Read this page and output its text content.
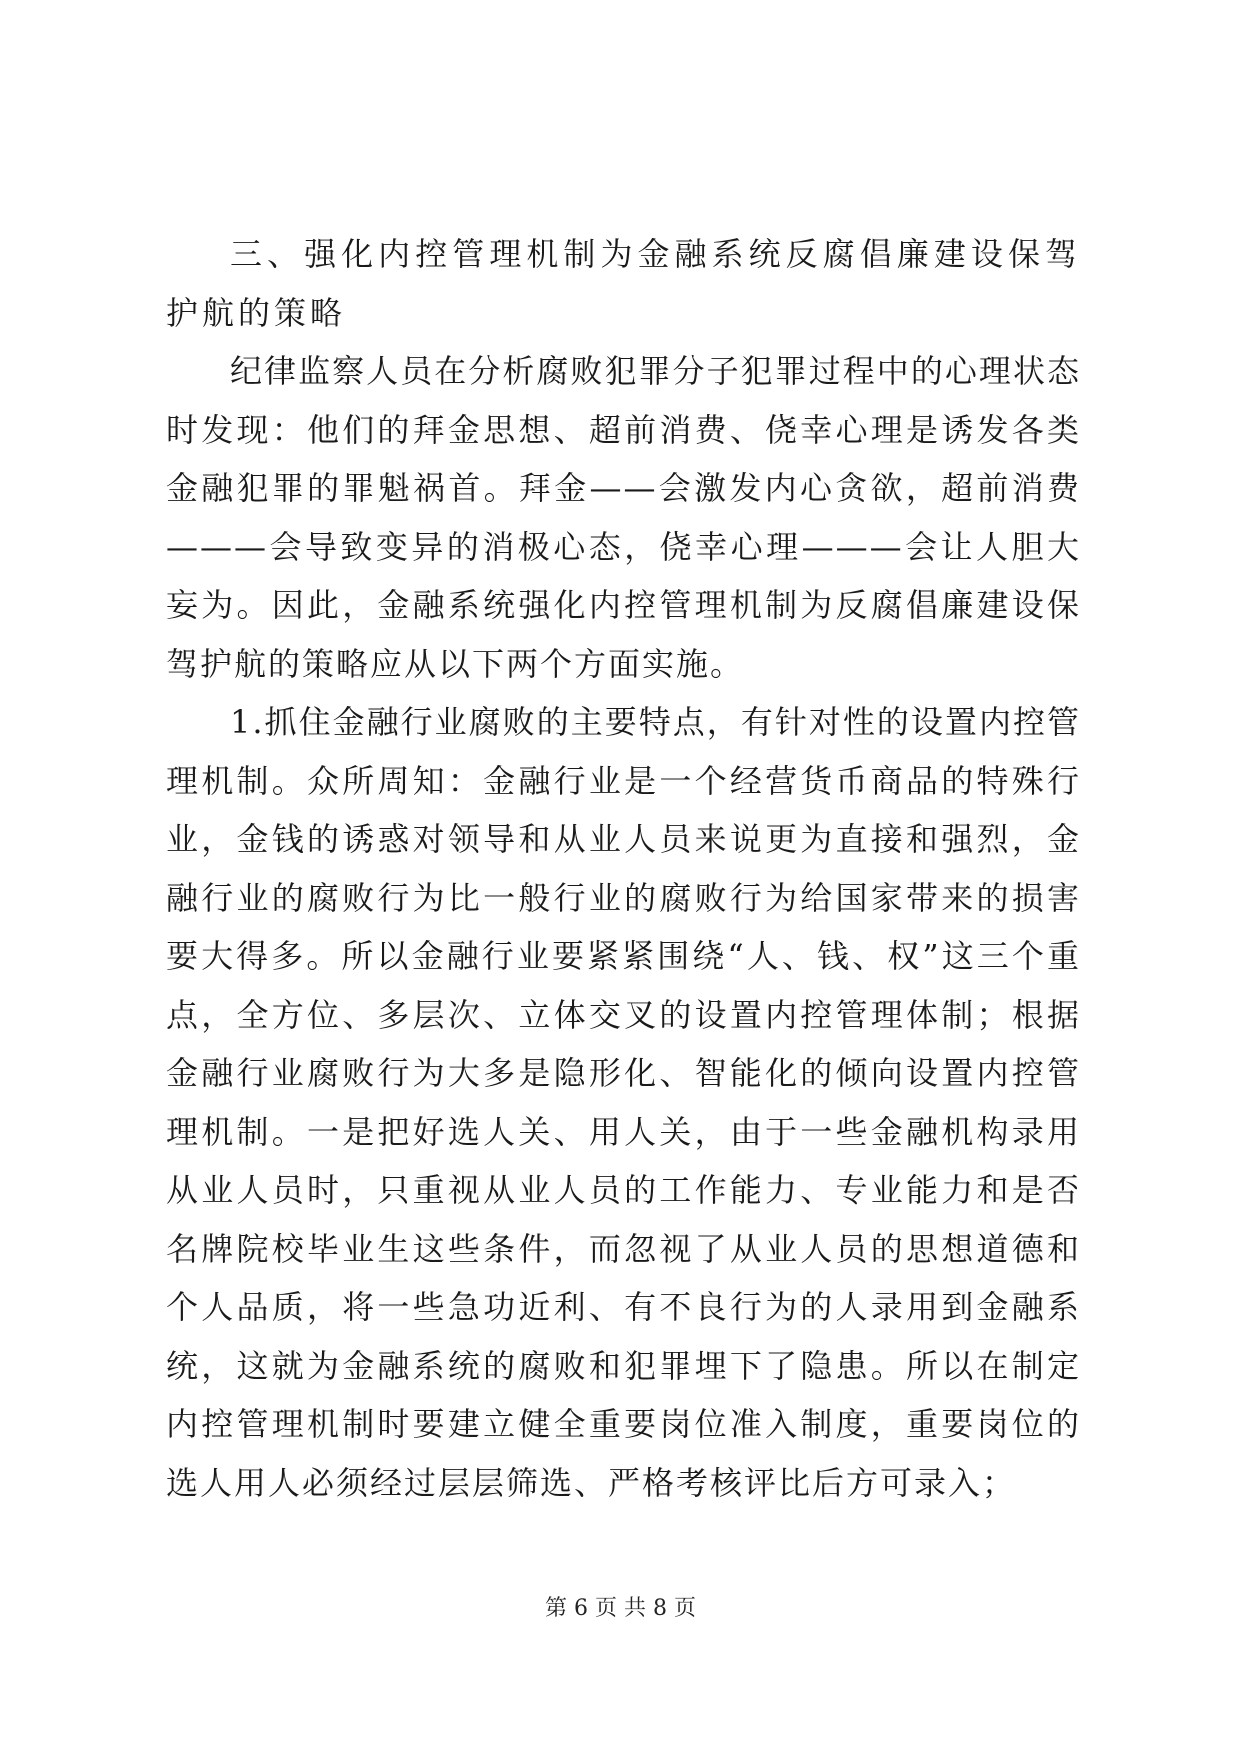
三、强化内控管理机制为金融系统反腐倡廉建设保驾护航的策略

纪律监察人员在分析腐败犯罪分子犯罪过程中的心理状态时发现：他们的拜金思想、超前消费、侥幸心理是诱发各类金融犯罪的罪魁祸首。拜金——会激发内心贪欲，超前消费———会导致变异的消极心态，侥幸心理———会让人胆大妄为。因此，金融系统强化内控管理机制为反腐倡廉建设保驾护航的策略应从以下两个方面实施。

1.抓住金融行业腐败的主要特点，有针对性的设置内控管理机制。众所周知：金融行业是一个经营货币商品的特殊行业，金钱的诱惑对领导和从业人员来说更为直接和强烈，金融行业的腐败行为比一般行业的腐败行为给国家带来的损害要大得多。所以金融行业要紧紧围绕“人、钱、权”这三个重点，全方位、多层次、立体交叉的设置内控管理体制；根据金融行业腐败行为大多是隐形化、智能化的倾向设置内控管理机制。一是把好选人关、用人关，由于一些金融机构录用从业人员时，只重视从业人员的工作能力、专业能力和是否名牌院校毕业生这些条件，而忽视了从业人员的思想道德和个人品质，将一些急功近利、有不良行为的人录用到金融系统，这就为金融系统的腐败和犯罪埋下了隐患。所以在制定内控管理机制时要建立健全重要岗位准入制度，重要岗位的选人用人必须经过层层筛选、严格考核评比后方可录入；

第 6 页 共 8 页
